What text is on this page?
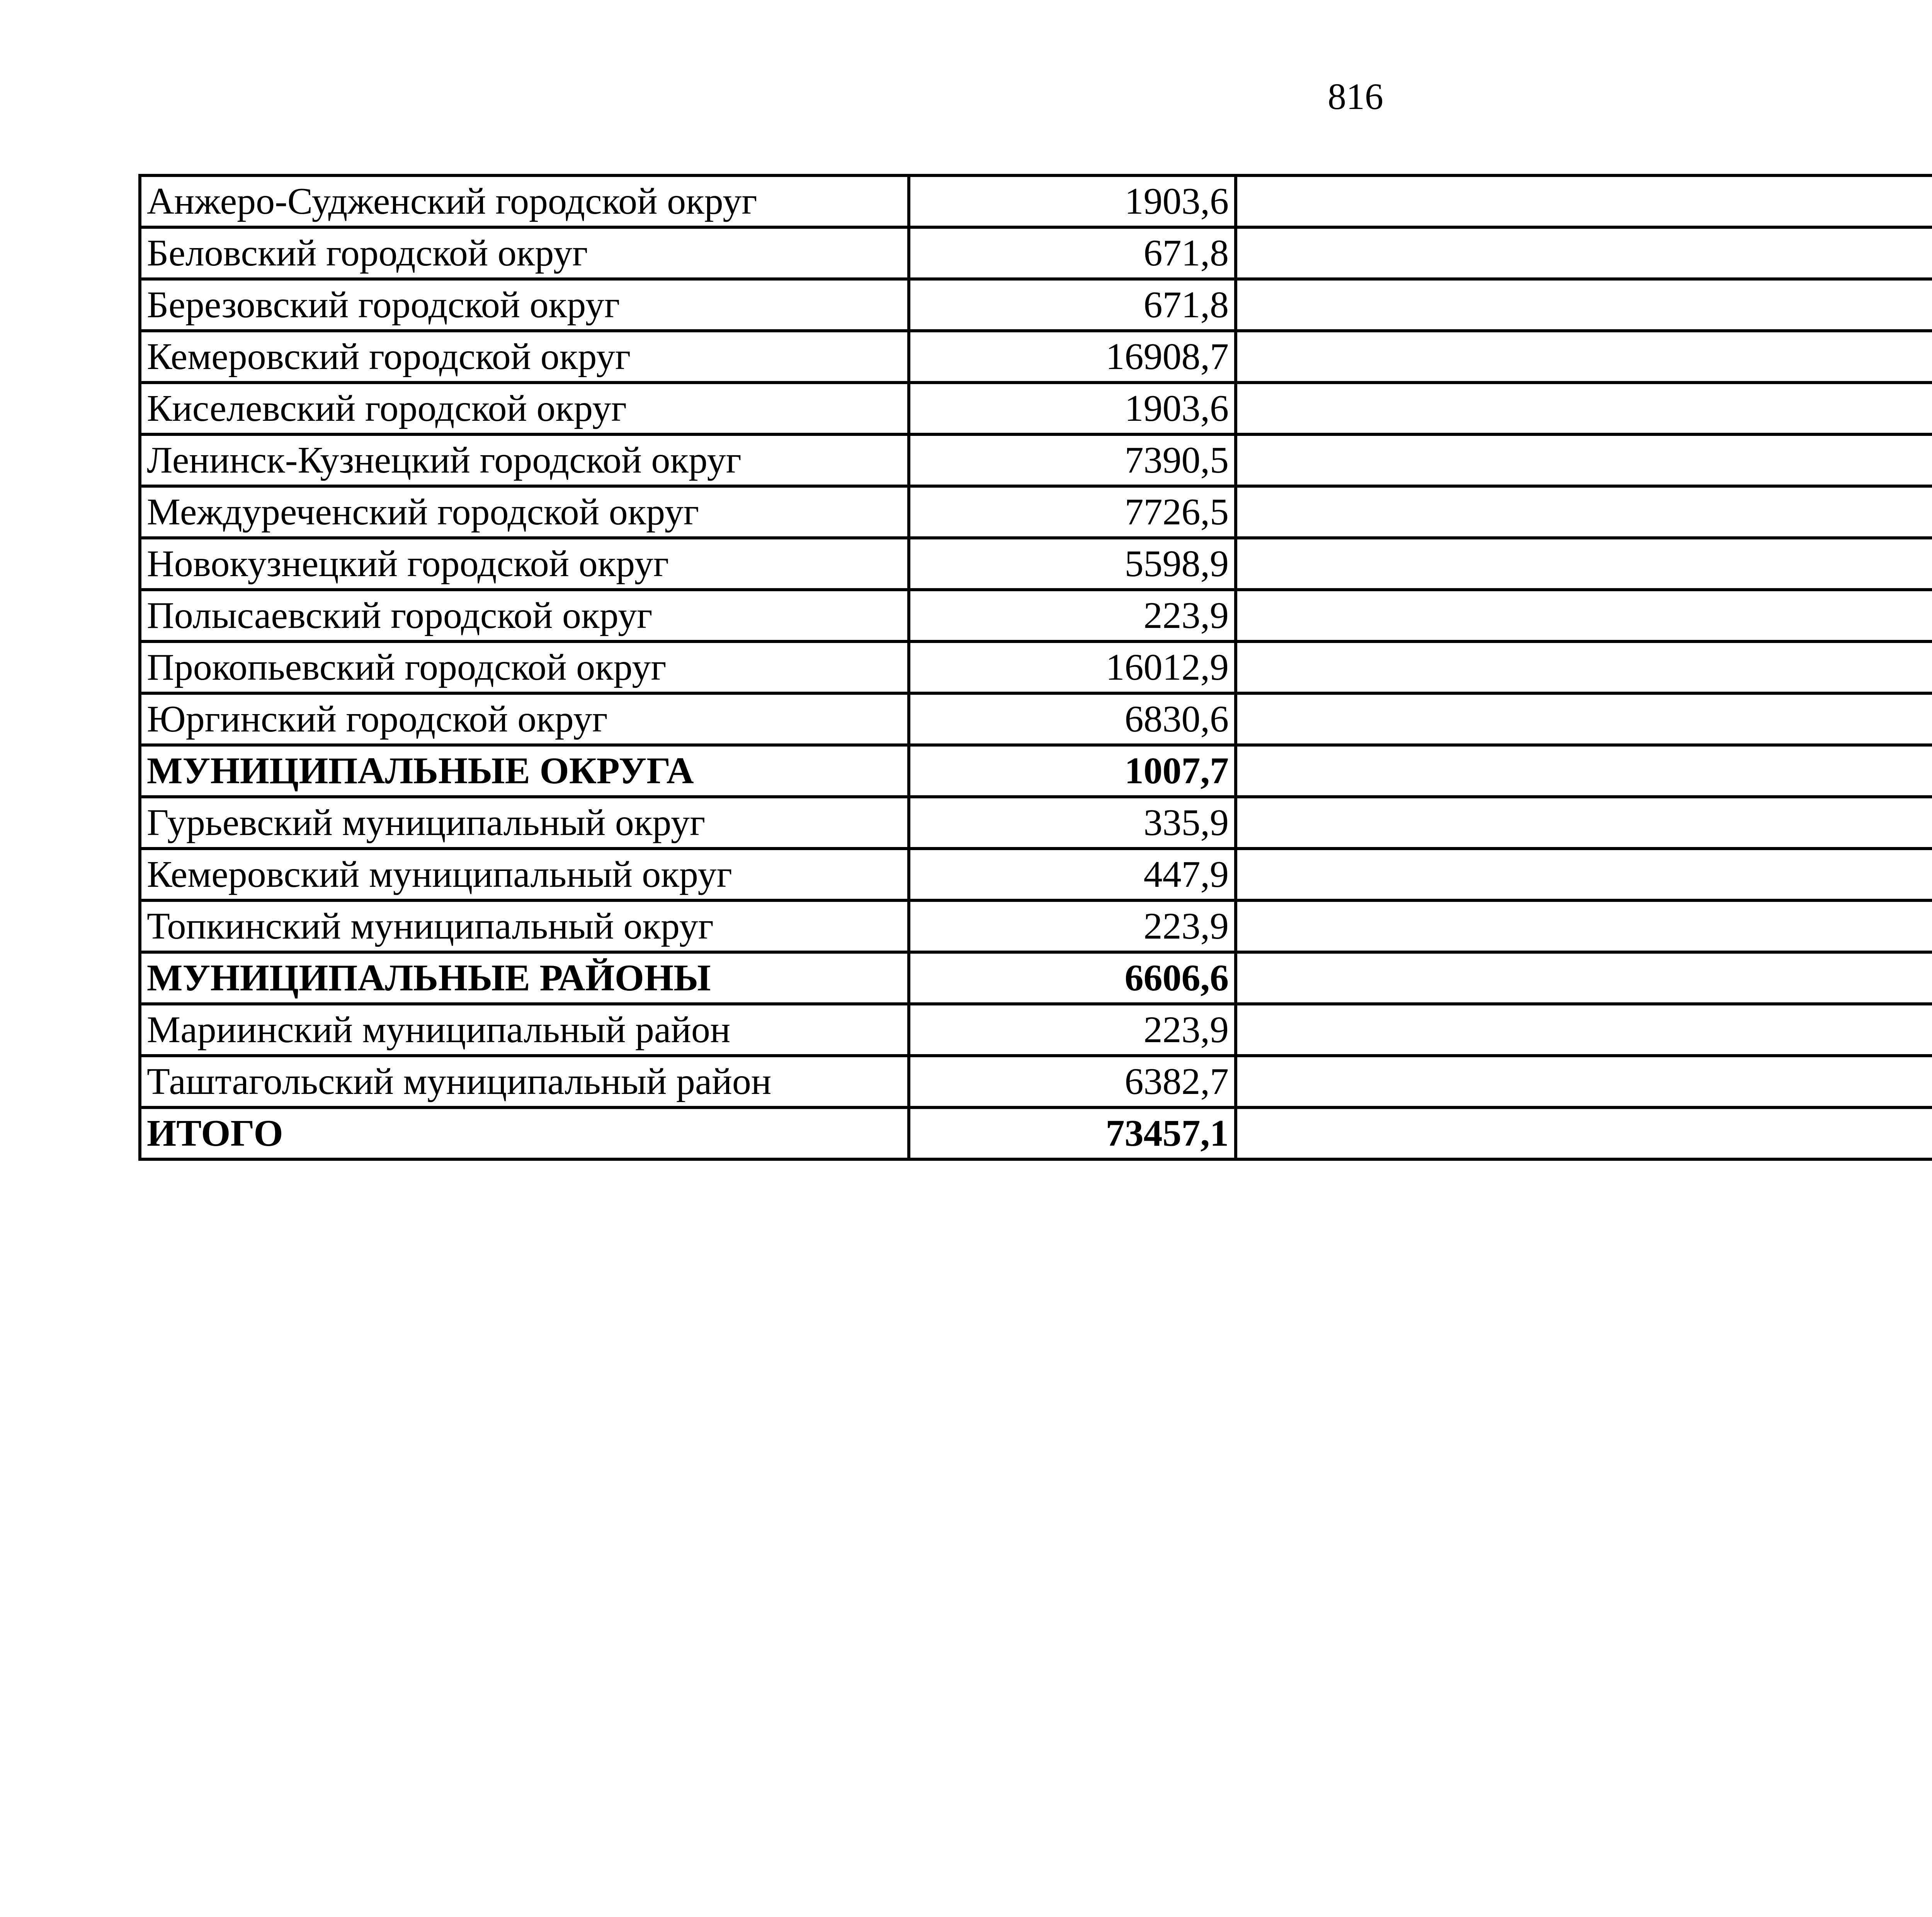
816
Анжеро-Судженский городской округ	1903,6		
Беловский городской округ	671,8		
Березовский городской округ	671,8		
Кемеровский городской округ	16908,7		
Киселевский городской округ	1903,6		
Ленинск-Кузнецкий городской округ	7390,5		
Междуреченский городской округ	7726,5		
Новокузнецкий городской округ	5598,9		
Полысаевский городской округ	223,9		
Прокопьевский городской округ	16012,9		
Юргинский городской округ	6830,6		
МУНИЦИПАЛЬНЫЕ ОКРУГА	1007,7		
Гурьевский муниципальный округ	335,9		
Кемеровский муниципальный округ	447,9		
Топкинский муниципальный округ	223,9		
МУНИЦИПАЛЬНЫЕ РАЙОНЫ	6606,6		
Мариинский муниципальный район	223,9		
Таштагольский муниципальный район	6382,7		
ИТОГО	73457,1		
